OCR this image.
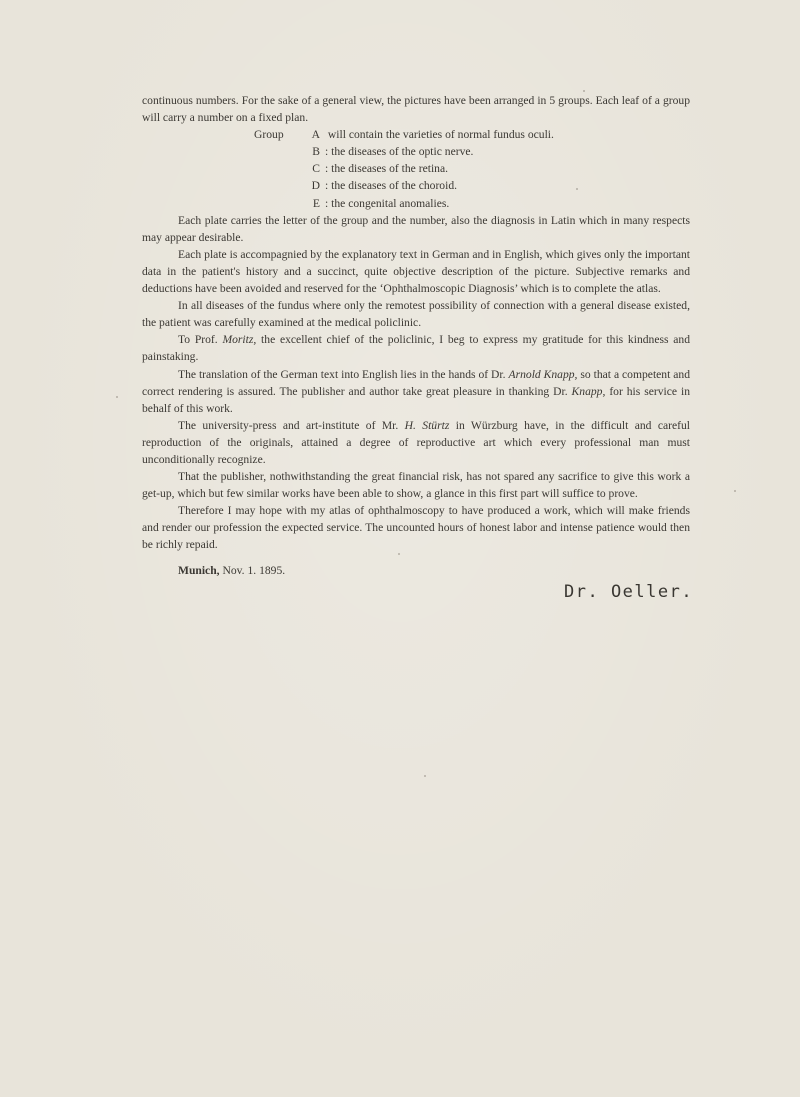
continuous numbers. For the sake of a general view, the pictures have been arranged in 5 groups. Each leaf of a group will carry a number on a fixed plan.

Group A will contain the varieties of normal fundus oculi.
B : the diseases of the optic nerve.
C : the diseases of the retina.
D : the diseases of the choroid.
E : the congenital anomalies.

Each plate carries the letter of the group and the number, also the diagnosis in Latin which in many respects may appear desirable.

Each plate is accompagnied by the explanatory text in German and in English, which gives only the important data in the patient's history and a succinct, quite objective description of the picture. Subjective remarks and deductions have been avoided and reserved for the ‘Ophthalmoscopic Diagnosis’ which is to complete the atlas.

In all diseases of the fundus where only the remotest possibility of connection with a general disease existed, the patient was carefully examined at the medical policlinic.

To Prof. Moritz, the excellent chief of the policlinic, I beg to express my gratitude for this kindness and painstaking.

The translation of the German text into English lies in the hands of Dr. Arnold Knapp, so that a competent and correct rendering is assured. The publisher and author take great pleasure in thanking Dr. Knapp, for his service in behalf of this work.

The university-press and art-institute of Mr. H. Stürtz in Würzburg have, in the difficult and careful reproduction of the originals, attained a degree of reproductive art which every professional man must unconditionally recognize.

That the publisher, nothwithstanding the great financial risk, has not spared any sacrifice to give this work a get-up, which but few similar works have been able to show, a glance in this first part will suffice to prove.

Therefore I may hope with my atlas of ophthalmoscopy to have produced a work, which will make friends and render our profession the expected service. The uncounted hours of honest labor and intense patience would then be richly repaid.

Munich, Nov. 1. 1895.

Dr. Oeller.
